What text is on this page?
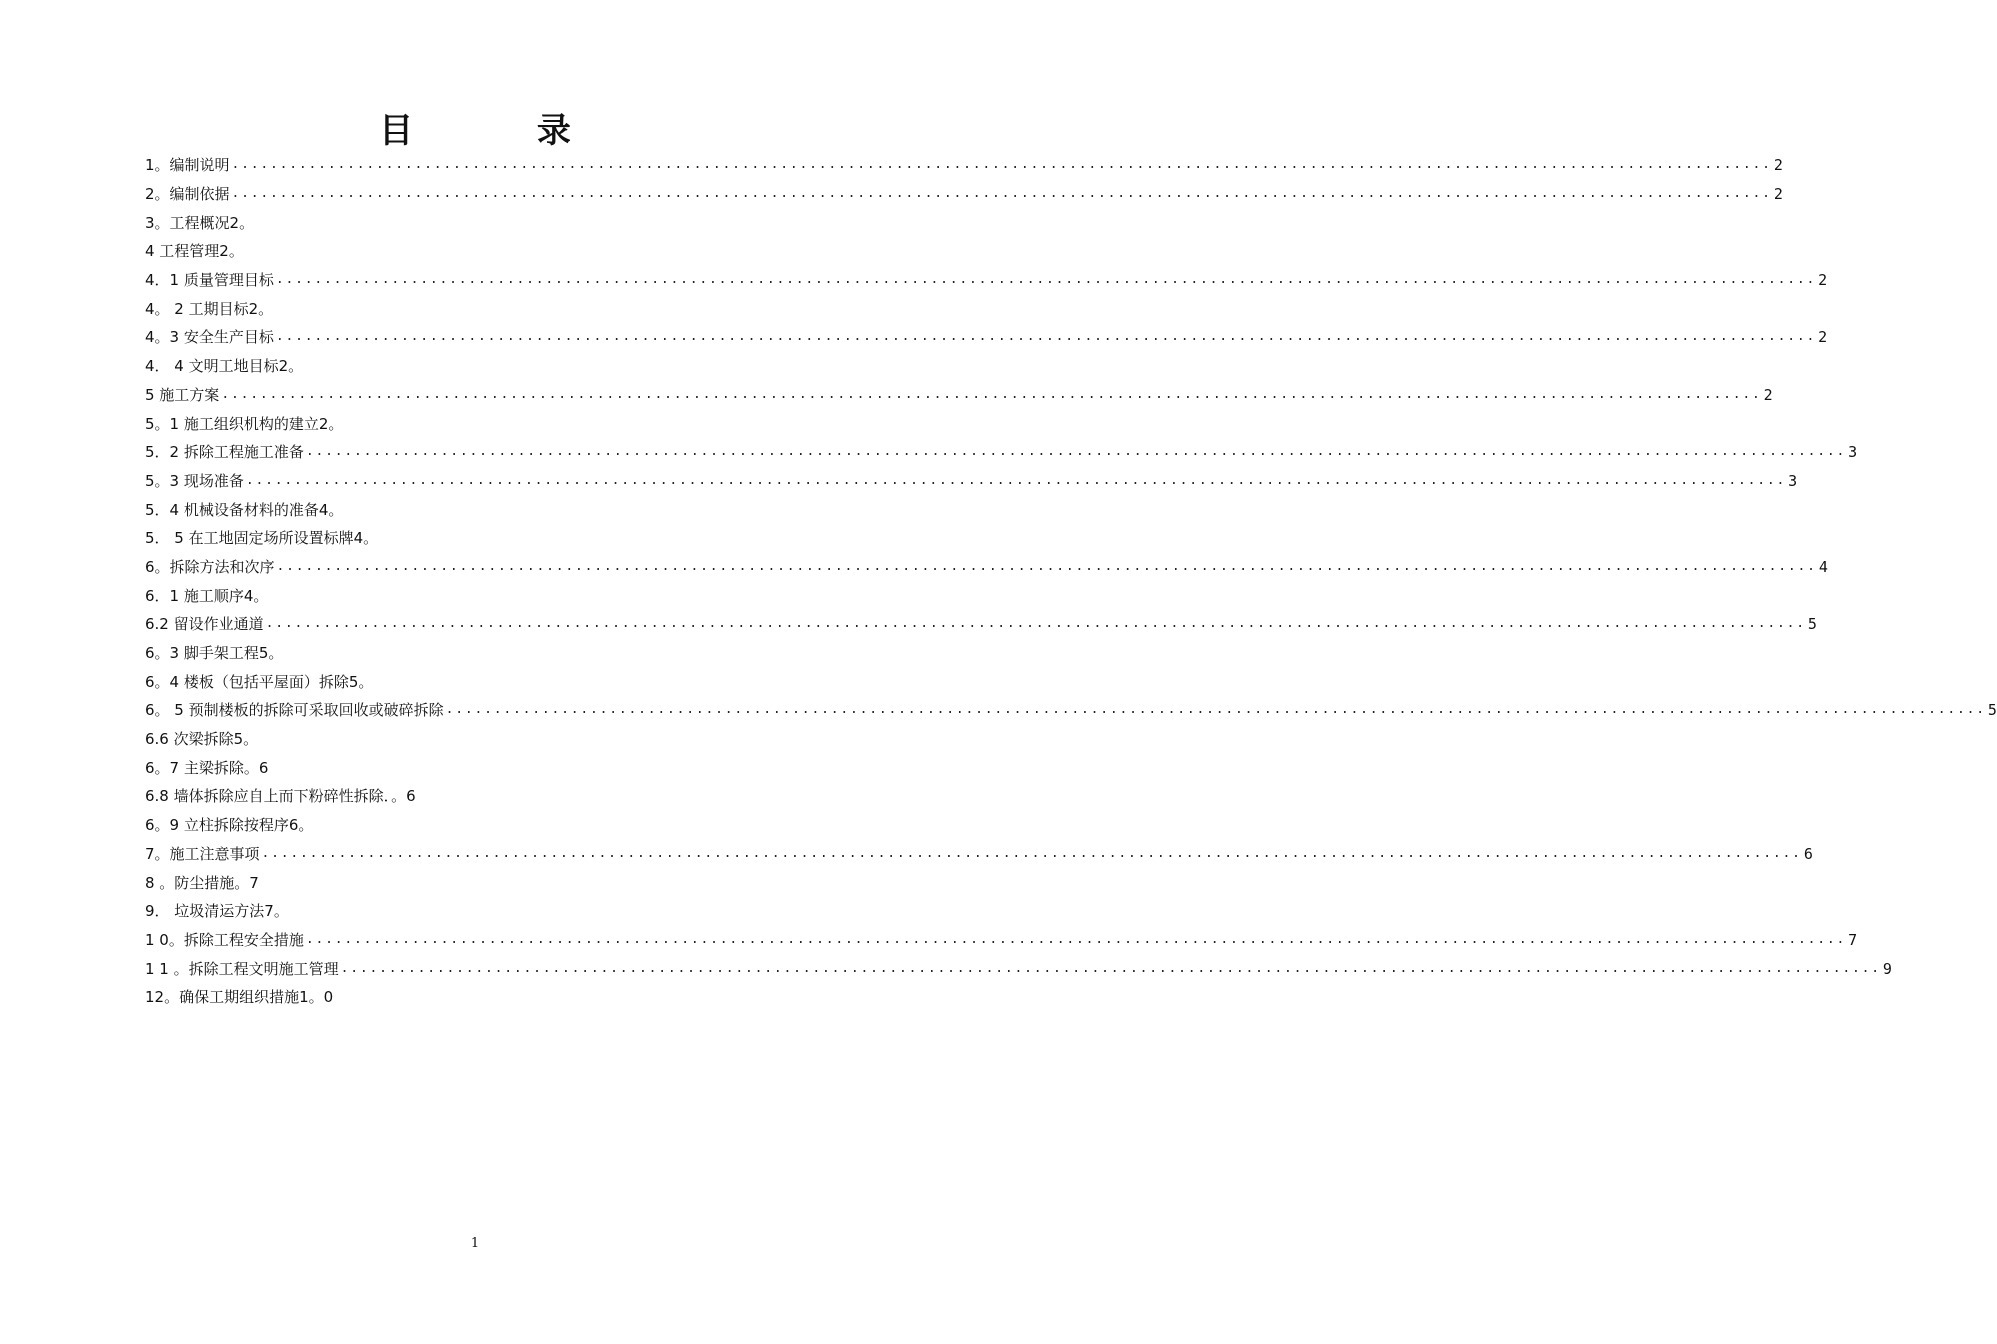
目 录
1。编制说明 ................................................................................................................................................................ 2
2。编制依据 ................................................................................................................................................................ 2
3。工程概况2。
4 工程管理2。
4．1 质量管理目标 ................................................................................................................................................................ 2
4。 2 工期目标2。
4。3 安全生产目标 ................................................................................................................................................................ 2
4． 4 文明工地目标2。
5 施工方案 ................................................................................................................................................................ 2
5。1 施工组织机构的建立2。
5．2 拆除工程施工准备 ................................................................................................................................................................ 3
5。3 现场准备 ................................................................................................................................................................ 3
5．4 机械设备材料的准备4。
5． 5 在工地固定场所设置标牌4。
6。拆除方法和次序 ................................................................................................................................................................ 4
6．1 施工顺序4。
6.2 留设作业通道 ................................................................................................................................................................ 5
6。3 脚手架工程5。
6。4 楼板（包括平屋面）拆除5。
6。 5 预制楼板的拆除可采取回收或破碎拆除 ................................................................................................................................................................ 5
6.6 次梁拆除5。
6。7 主梁拆除。6
6.8 墙体拆除应自上而下粉碎性拆除．。6
6。9 立柱拆除按程序6。
7。施工注意事项 ................................................................................................................................................................ 6
8 。防尘措施。7
9． 垃圾清运方法7。
1 0。拆除工程安全措施 ................................................................................................................................................................ 7
1 1 。拆除工程文明施工管理 ................................................................................................................................................................ 9
12。确保工期组织措施1。0
1
